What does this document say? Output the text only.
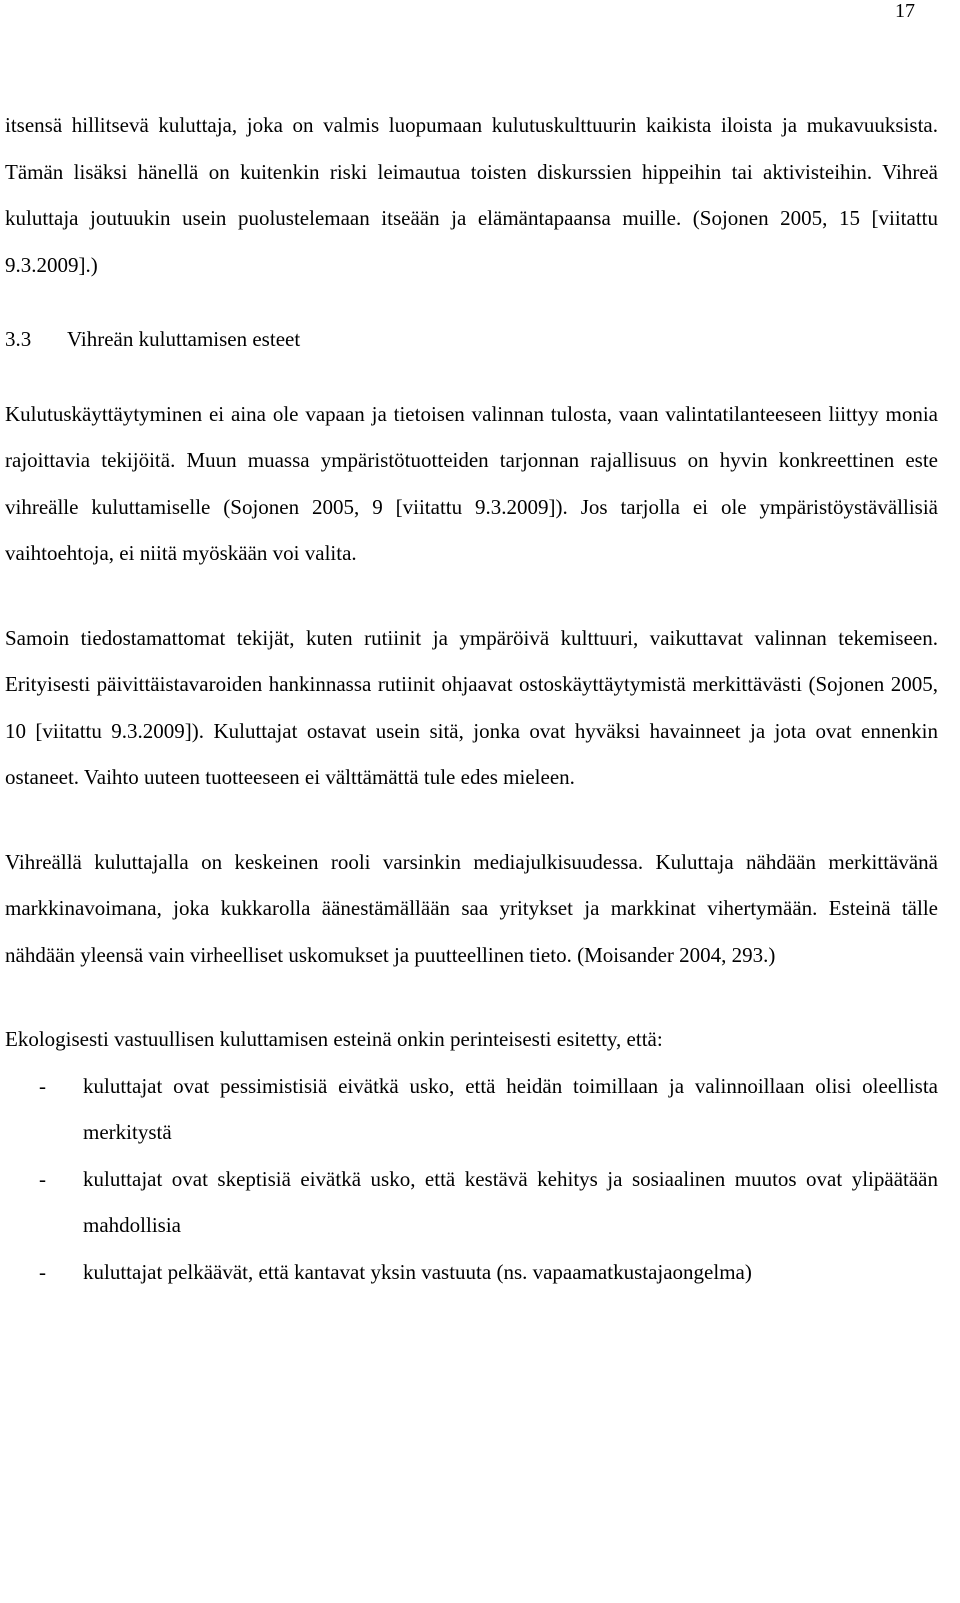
17

itsensä hillitsevä kuluttaja, joka on valmis luopumaan kulutuskulttuurin kaikista iloista ja mukavuuksista. Tämän lisäksi hänellä on kuitenkin riski leimautua toisten diskurssien hippeihin tai aktivisteihin. Vihreä kuluttaja joutuukin usein puolustelemaan itseään ja elämäntapaansa muille. (Sojonen 2005, 15 [viitattu 9.3.2009].)

3.3 Vihreän kuluttamisen esteet

Kulutuskäyttäytyminen ei aina ole vapaan ja tietoisen valinnan tulosta, vaan valintatilanteeseen liittyy monia rajoittavia tekijöitä. Muun muassa ympäristötuotteiden tarjonnan rajallisuus on hyvin konkreettinen este vihreälle kuluttamiselle (Sojonen 2005, 9 [viitattu 9.3.2009]). Jos tarjolla ei ole ympäristöystävällisiä vaihtoehtoja, ei niitä myöskään voi valita.

Samoin tiedostamattomat tekijät, kuten rutiinit ja ympäröivä kulttuuri, vaikuttavat valinnan tekemiseen. Erityisesti päivittäistavaroiden hankinnassa rutiinit ohjaavat ostoskäyttäytymistä merkittävästi (Sojonen 2005, 10 [viitattu 9.3.2009]). Kuluttajat ostavat usein sitä, jonka ovat hyväksi havainneet ja jota ovat ennenkin ostaneet. Vaihto uuteen tuotteeseen ei välttämättä tule edes mieleen.

Vihreällä kuluttajalla on keskeinen rooli varsinkin mediajulkisuudessa. Kuluttaja nähdään merkittävänä markkinavoimana, joka kukkarolla äänestämällään saa yritykset ja markkinat vihertymään. Esteinä tälle nähdään yleensä vain virheelliset uskomukset ja puutteellinen tieto. (Moisander 2004, 293.)

Ekologisesti vastuullisen kuluttamisen esteinä onkin perinteisesti esitetty, että:

- kuluttajat ovat pessimistisiä eivätkä usko, että heidän toimillaan ja valinnoillaan olisi oleellista merkitystä
- kuluttajat ovat skeptisiä eivätkä usko, että kestävä kehitys ja sosiaalinen muutos ovat ylipäätään mahdollisia
- kuluttajat pelkäävät, että kantavat yksin vastuuta (ns. vapaamatkustajaongelma)
